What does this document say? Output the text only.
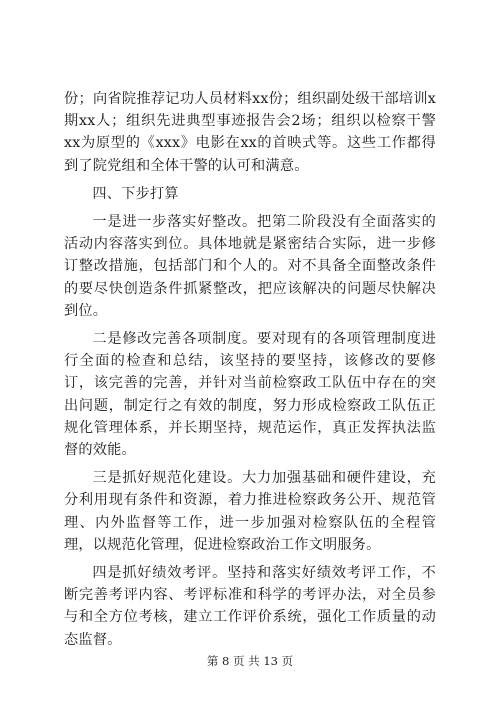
份；向省院推荐记功人员材料xx份；组织副处级干部培训x期xx人；组织先进典型事迹报告会2场；组织以检察干警xx为原型的《xxx》电影在xx的首映式等。这些工作都得到了院党组和全体干警的认可和满意。

四、下步打算

一是进一步落实好整改。把第二阶段没有全面落实的活动内容落实到位。具体地就是紧密结合实际，进一步修订整改措施，包括部门和个人的。对不具备全面整改条件的要尽快创造条件抓紧整改，把应该解决的问题尽快解决到位。

二是修改完善各项制度。要对现有的各项管理制度进行全面的检查和总结，该坚持的要坚持，该修改的要修订，该完善的完善，并针对当前检察政工队伍中存在的突出问题，制定行之有效的制度，努力形成检察政工队伍正规化管理体系，并长期坚持，规范运作，真正发挥执法监督的效能。

三是抓好规范化建设。大力加强基础和硬件建设，充分利用现有条件和资源，着力推进检察政务公开、规范管理、内外监督等工作，进一步加强对检察队伍的全程管理，以规范化管理，促进检察政治工作文明服务。

四是抓好绩效考评。坚持和落实好绩效考评工作，不断完善考评内容、考评标准和科学的考评办法，对全员参与和全方位考核，建立工作评价系统，强化工作质量的动态监督。

第 8 页 共 13 页
